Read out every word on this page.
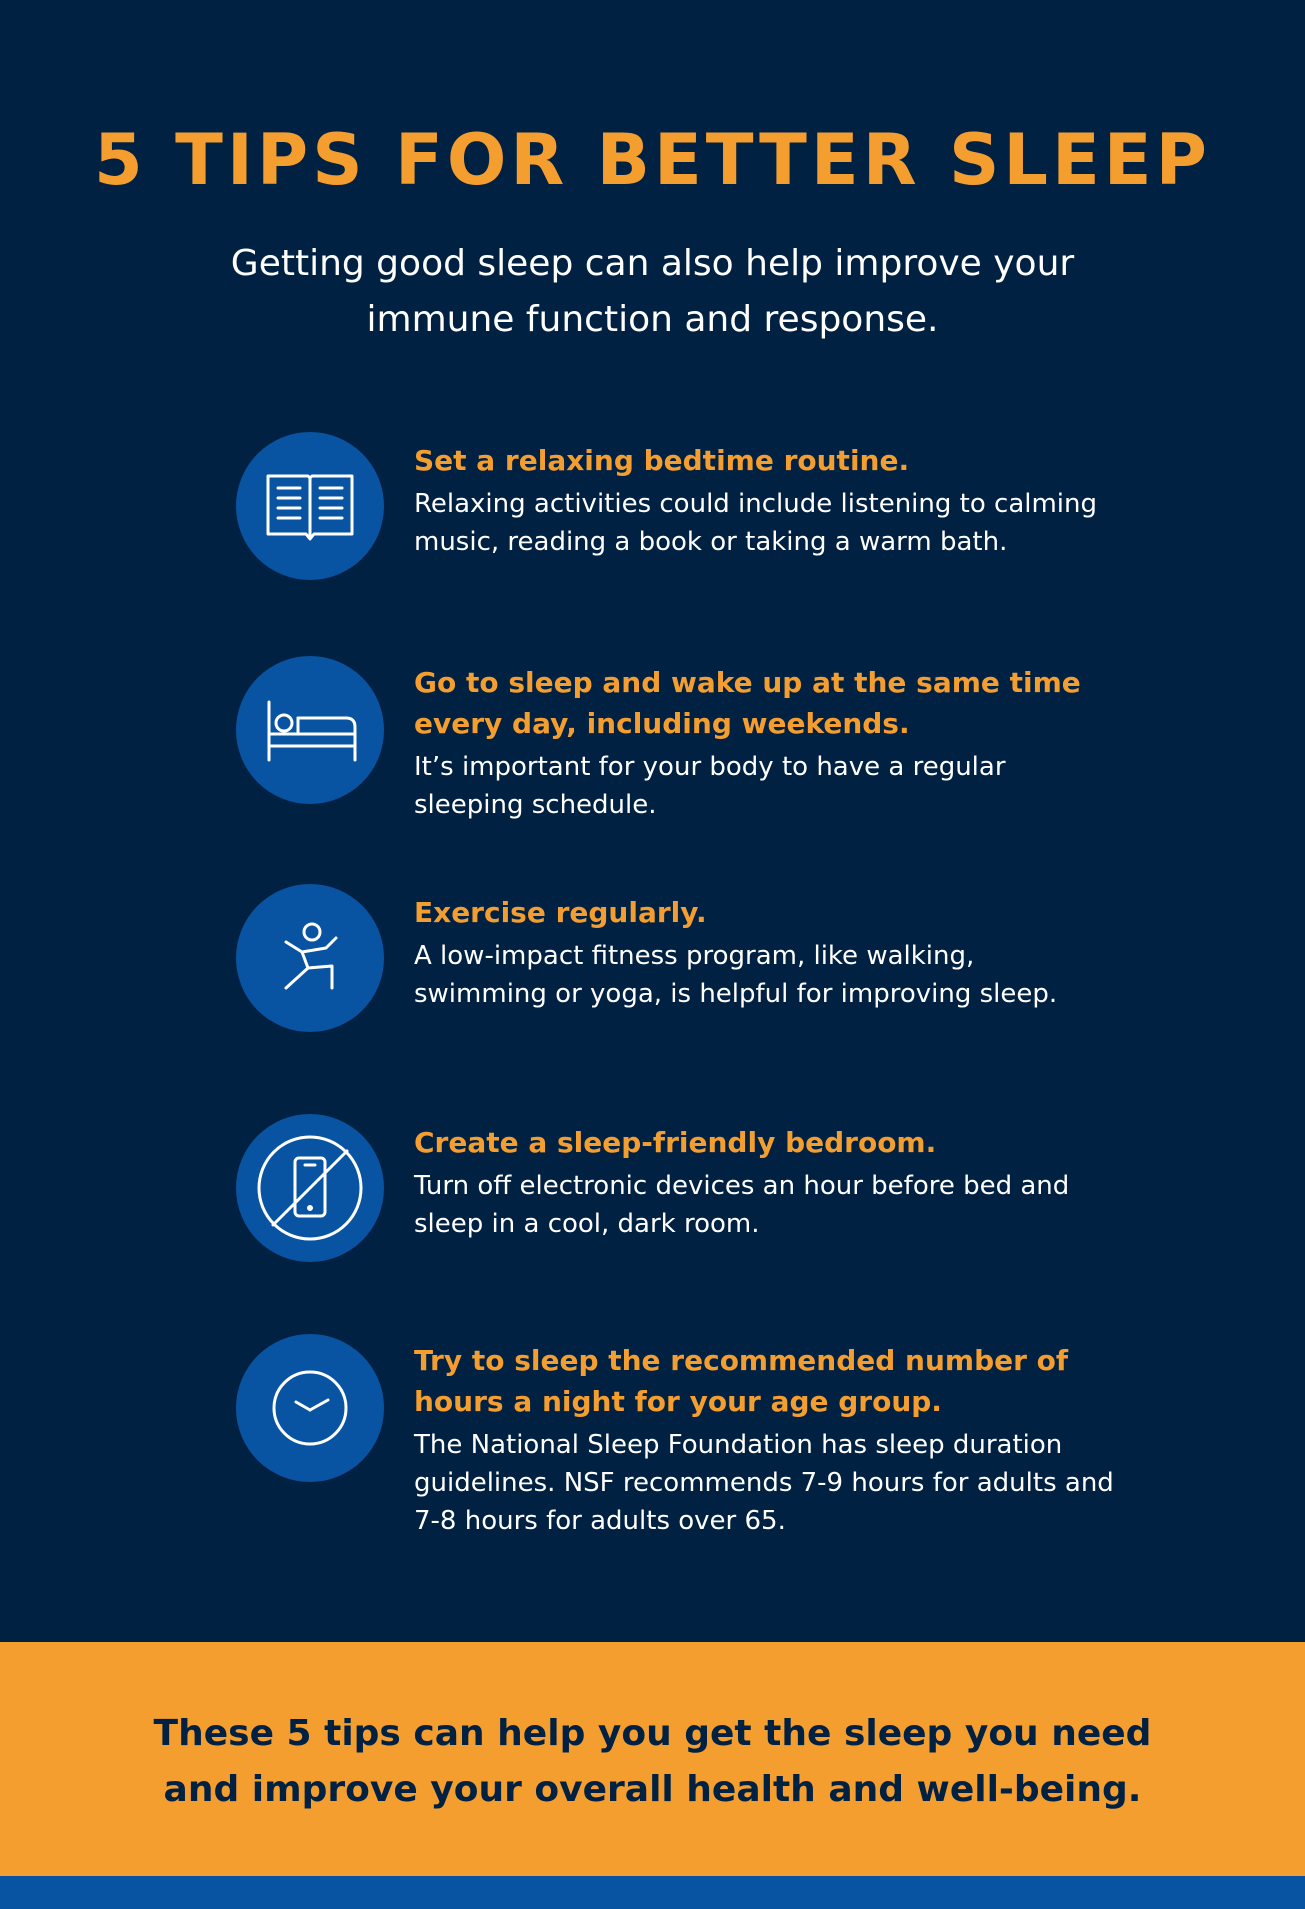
5 TIPS FOR BETTER SLEEP

Getting good sleep can also help improve your immune function and response.

Set a relaxing bedtime routine.

Relaxing activities could include listening to calming music, reading a book or taking a warm bath.

Go to sleep and wake up at the same time every day, including weekends.

It’s important for your body to have a regular sleeping schedule.

Exercise regularly.

A low-impact fitness program, like walking, swimming or yoga, is helpful for improving sleep.

Create a sleep-friendly bedroom.

Turn off electronic devices an hour before bed and sleep in a cool, dark room.

Try to sleep the recommended number of hours a night for your age group.

The National Sleep Foundation has sleep duration guidelines. NSF recommends 7-9 hours for adults and 7-8 hours for adults over 65.

These 5 tips can help you get the sleep you need and improve your overall health and well-being.
